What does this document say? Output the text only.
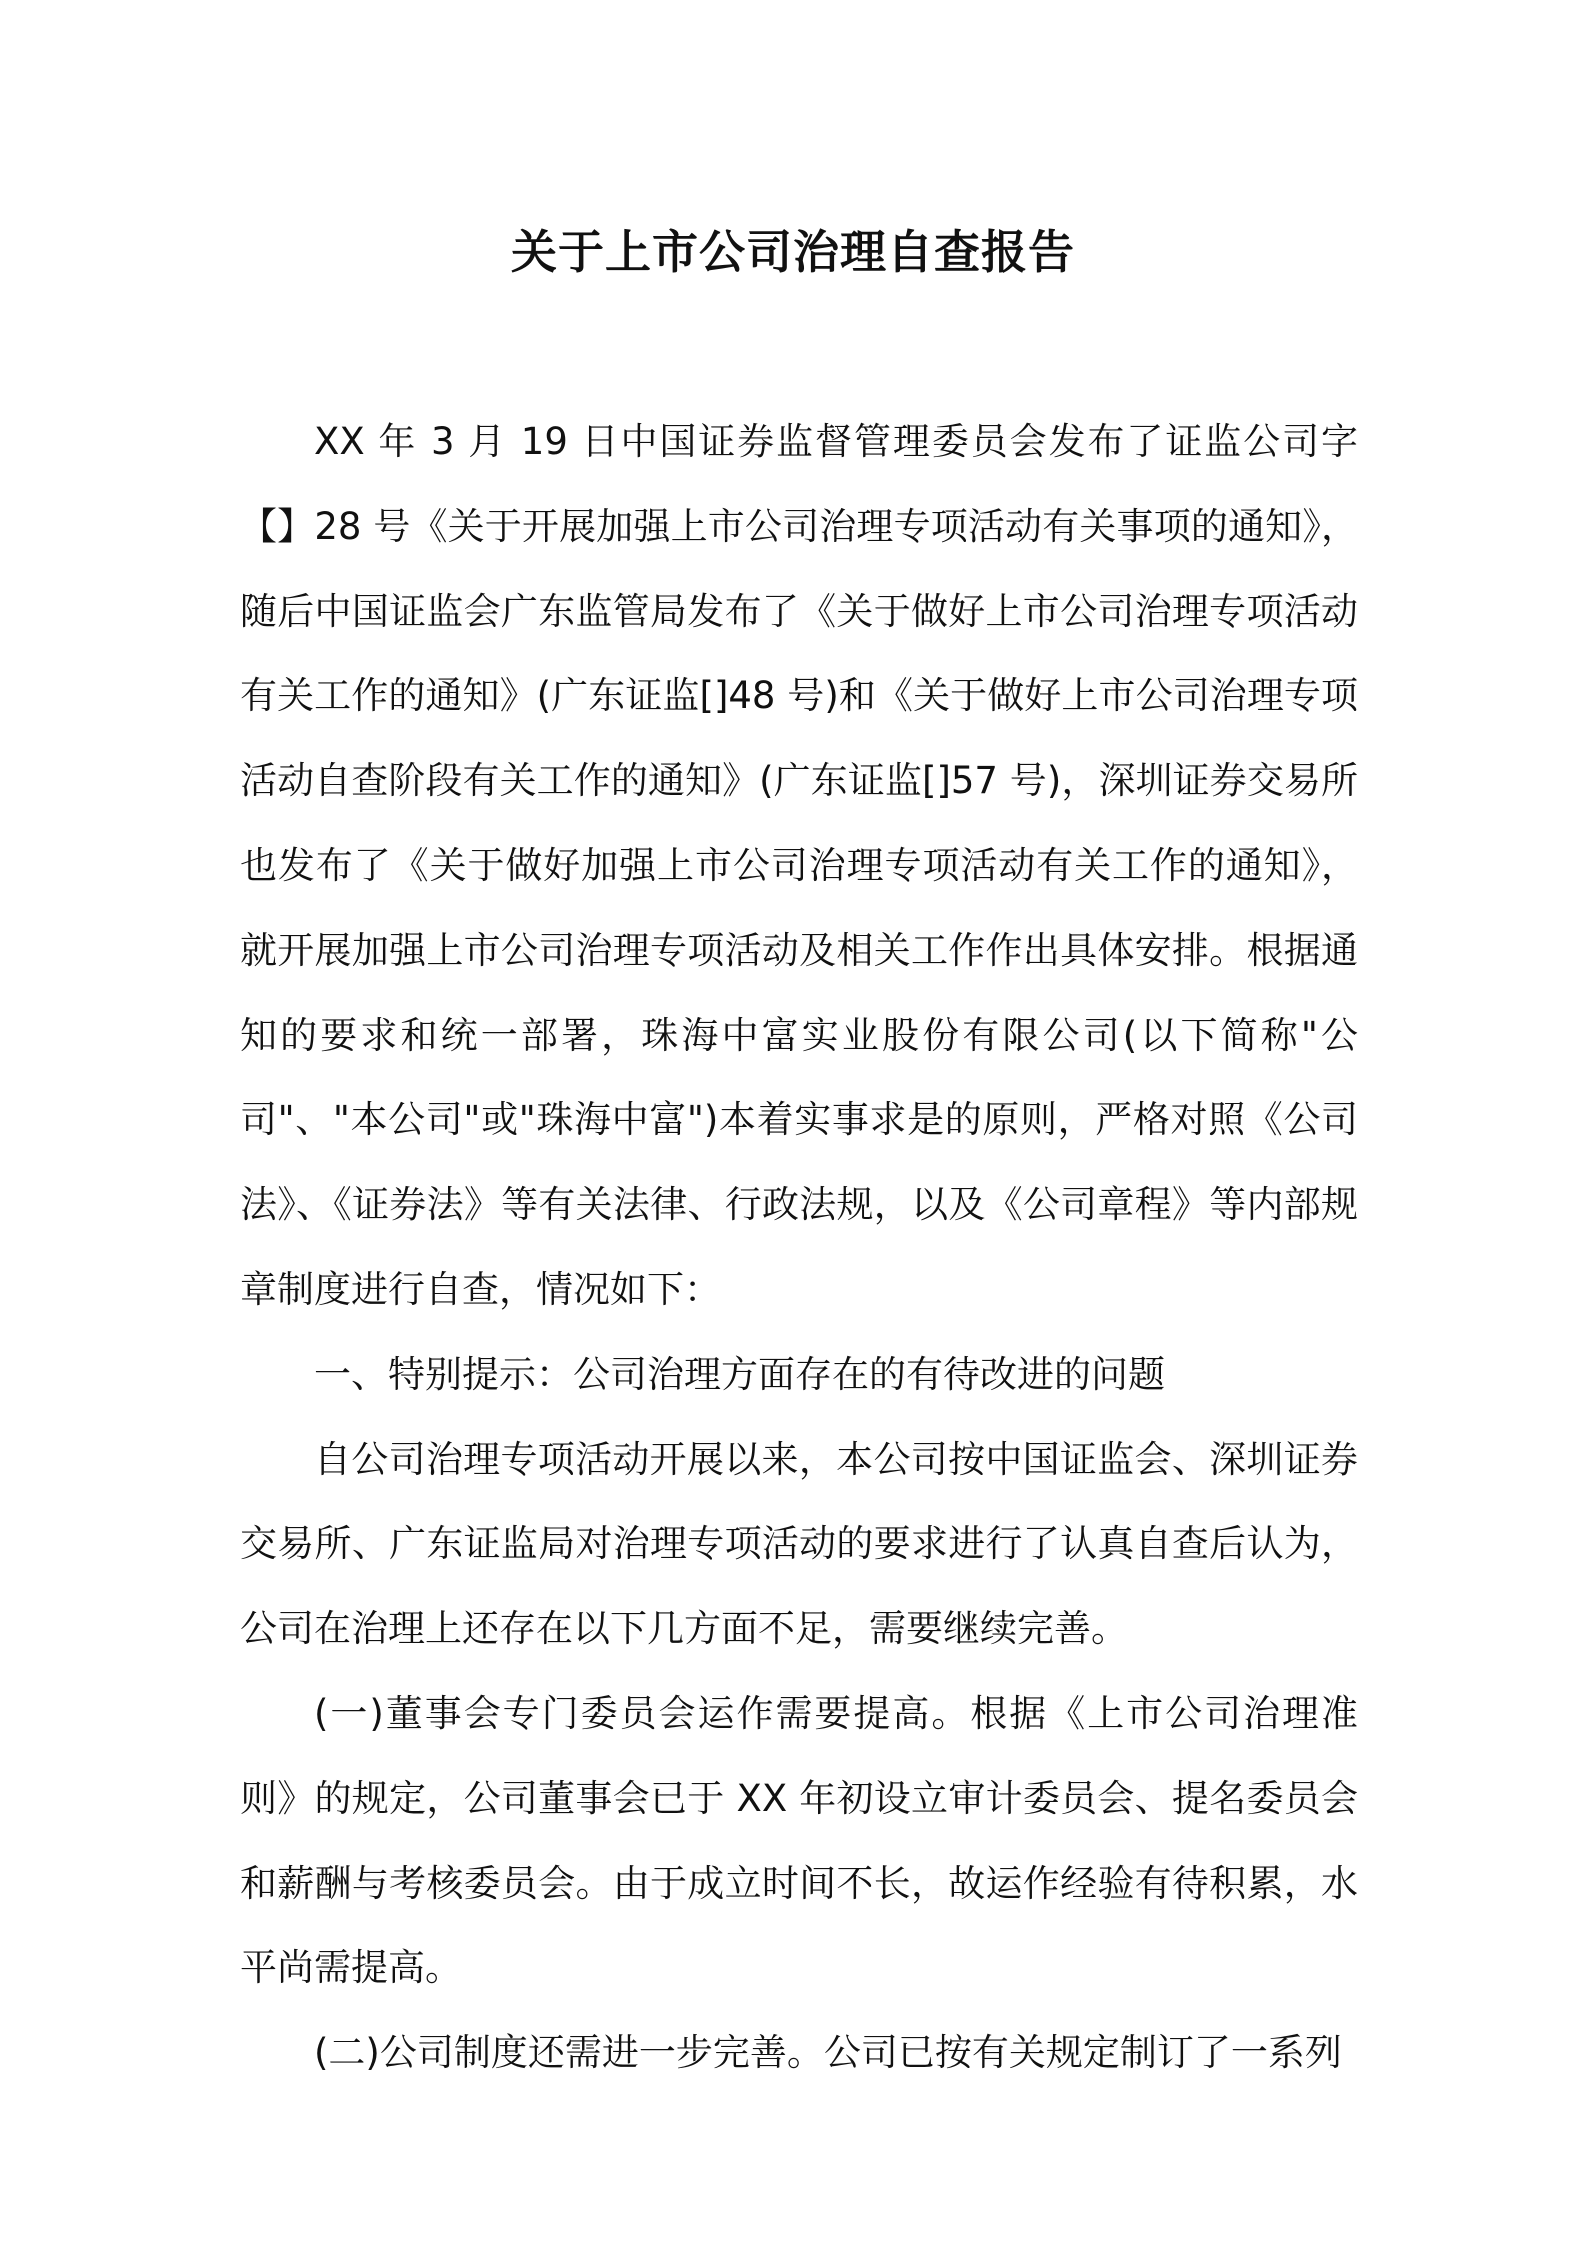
关于上市公司治理自查报告

XX 年 3 月 19 日中国证券监督管理委员会发布了证监公司字【】28 号《关于开展加强上市公司治理专项活动有关事项的通知》，随后中国证监会广东监管局发布了《关于做好上市公司治理专项活动有关工作的通知》(广东证监[]48 号)和《关于做好上市公司治理专项活动自查阶段有关工作的通知》(广东证监[]57 号)，深圳证券交易所也发布了《关于做好加强上市公司治理专项活动有关工作的通知》，就开展加强上市公司治理专项活动及相关工作作出具体安排。根据通知的要求和统一部署，珠海中富实业股份有限公司(以下简称"公司"、"本公司"或"珠海中富")本着实事求是的原则，严格对照《公司法》、《证券法》等有关法律、行政法规，以及《公司章程》等内部规章制度进行自查，情况如下：

一、特别提示：公司治理方面存在的有待改进的问题

自公司治理专项活动开展以来，本公司按中国证监会、深圳证券交易所、广东证监局对治理专项活动的要求进行了认真自查后认为，公司在治理上还存在以下几方面不足，需要继续完善。

(一)董事会专门委员会运作需要提高。根据《上市公司治理准则》的规定，公司董事会已于 XX 年初设立审计委员会、提名委员会和薪酬与考核委员会。由于成立时间不长，故运作经验有待积累，水平尚需提高。

(二)公司制度还需进一步完善。公司已按有关规定制订了一系列
